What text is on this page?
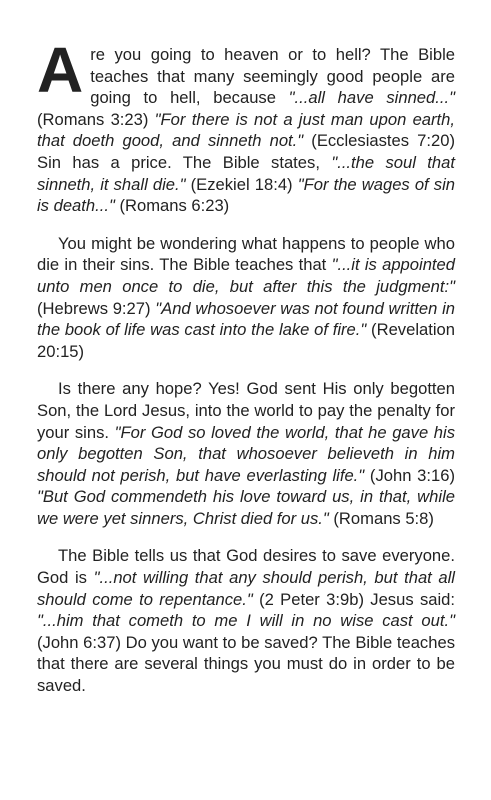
Are you going to heaven or to hell? The Bible teaches that many seemingly good people are going to hell, because "...all have sinned..." (Romans 3:23) "For there is not a just man upon earth, that doeth good, and sinneth not." (Ecclesiastes 7:20) Sin has a price. The Bible states, "...the soul that sinneth, it shall die." (Ezekiel 18:4) "For the wages of sin is death..." (Romans 6:23)

You might be wondering what happens to people who die in their sins. The Bible teaches that "...it is appointed unto men once to die, but after this the judgment:" (Hebrews 9:27) "And whosoever was not found written in the book of life was cast into the lake of fire." (Revelation 20:15)

Is there any hope? Yes! God sent His only begotten Son, the Lord Jesus, into the world to pay the penalty for your sins. "For God so loved the world, that he gave his only begotten Son, that whosoever believeth in him should not perish, but have everlasting life." (John 3:16) "But God commendeth his love toward us, in that, while we were yet sinners, Christ died for us." (Romans 5:8)

The Bible tells us that God desires to save everyone. God is "...not willing that any should perish, but that all should come to repentance." (2 Peter 3:9b) Jesus said: "...him that cometh to me I will in no wise cast out." (John 6:37) Do you want to be saved? The Bible teaches that there are several things you must do in order to be saved.
